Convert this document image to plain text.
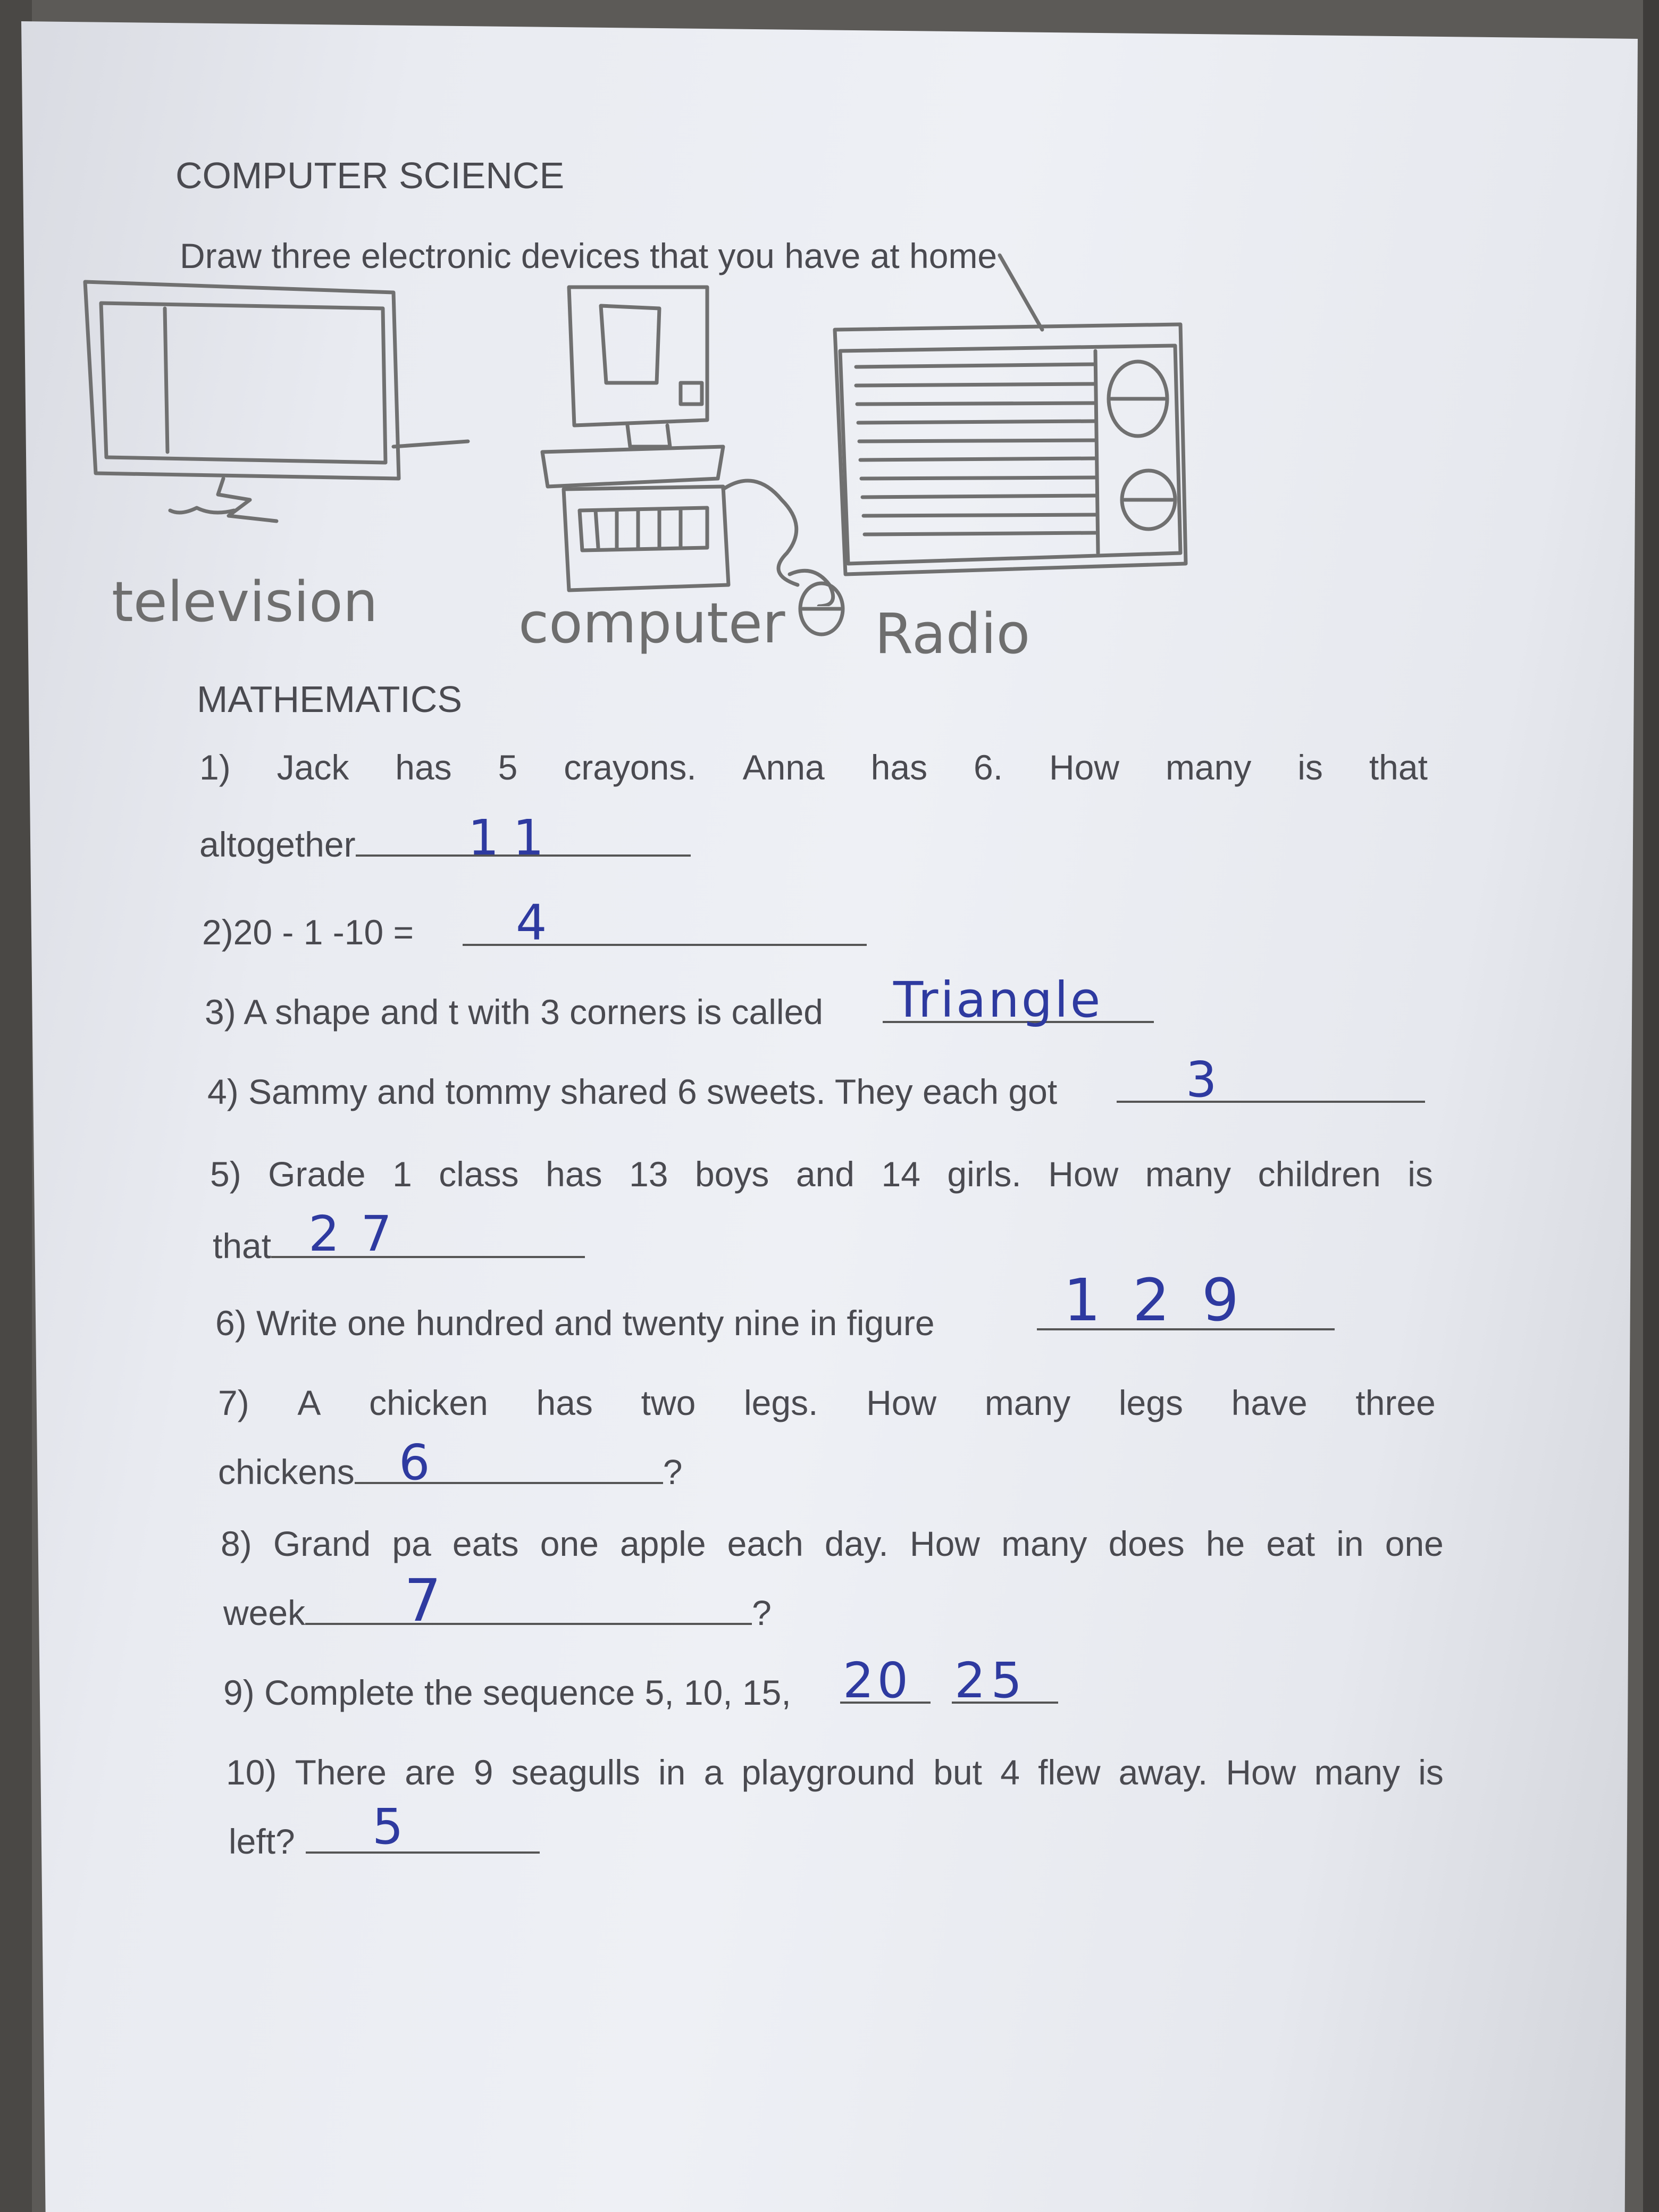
COMPUTER SCIENCE
Draw three electronic devices that you have at home
television	computer Radio
MATHEMATICS
1) Jack has 5 crayons. Anna has 6. How many is that
altogether	11
2)20 - 1 -10 = 4
3) A shape and t with 3 corners is called Triangle
4) Sammy and tommy shared 6 sweets. They each got	3
5) Grade 1 class has 13 boys and 14 girls. How many children is
that 27
6) Write one hundred and twenty nine in figure 129
7) A chicken has two legs. How many legs have three
chickens	?
6
8) Grand pa eats one apple each day. How many does he eat in one
week	?
7
9) Complete the sequence 5, 10, 15, 20 25
10) There are 9 seagulls in a playground but 4 flew away. How many is
left?	5
